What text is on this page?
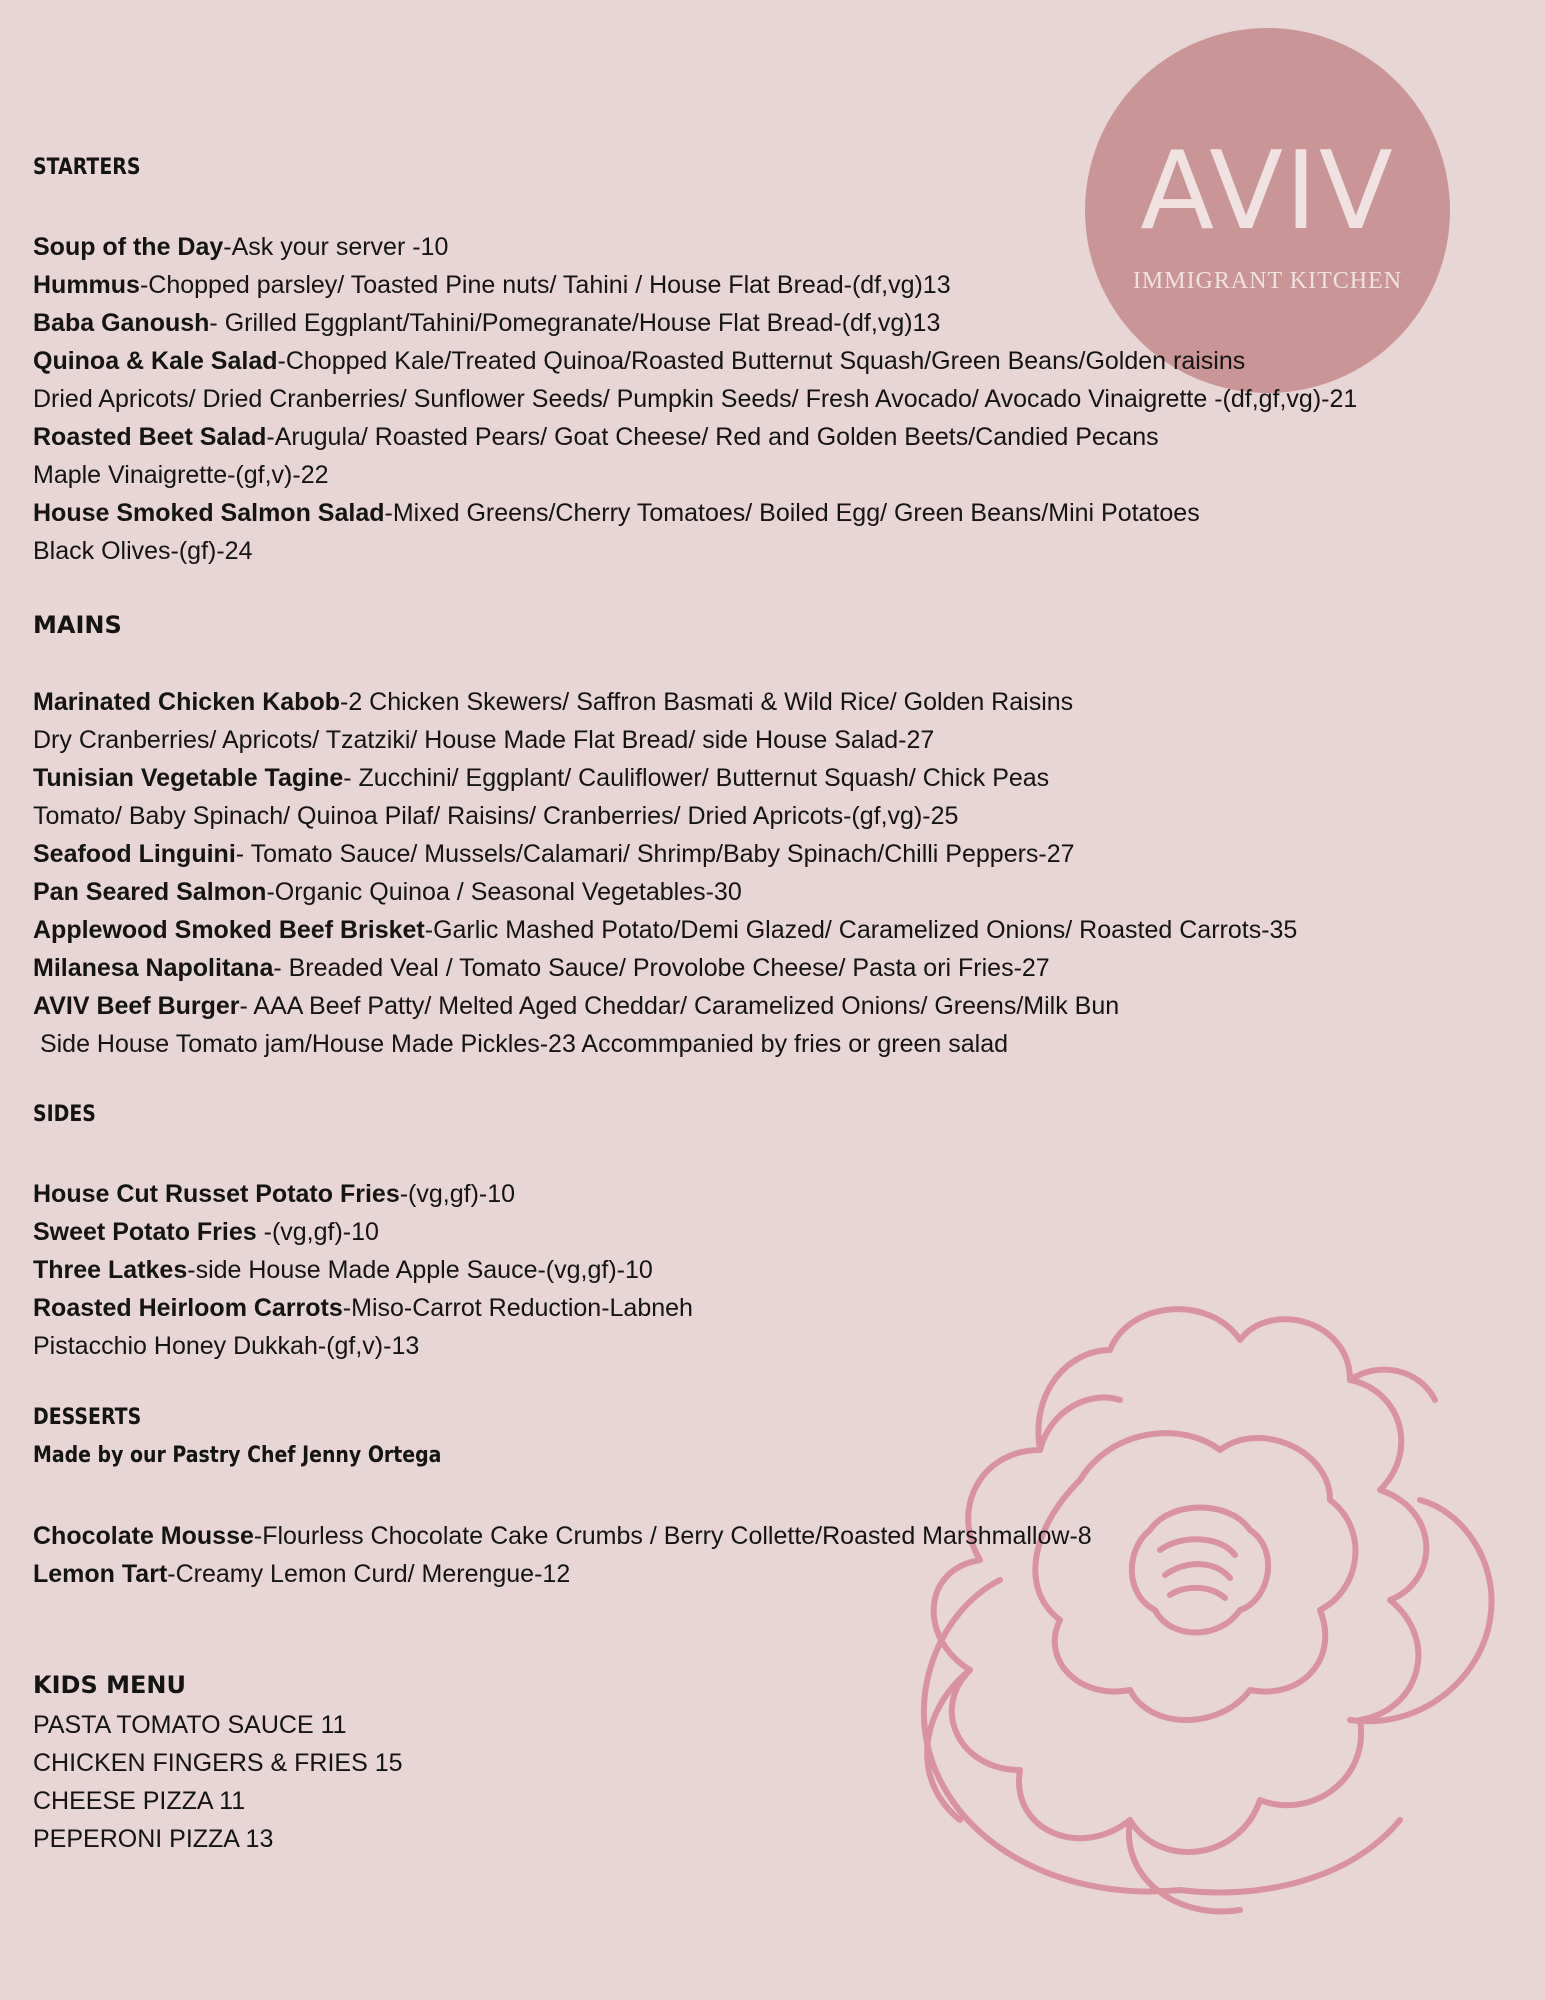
AVIV
IMMIGRANT KITCHEN
STARTERS
Soup of the Day-Ask your server -10
Hummus-Chopped parsley/ Toasted Pine nuts/ Tahini / House Flat Bread-(df,vg)13
Baba Ganoush- Grilled Eggplant/Tahini/Pomegranate/House Flat Bread-(df,vg)13
Quinoa & Kale Salad-Chopped Kale/Treated Quinoa/Roasted Butternut Squash/Green Beans/Golden raisins
Dried Apricots/ Dried Cranberries/ Sunflower Seeds/ Pumpkin Seeds/ Fresh Avocado/ Avocado Vinaigrette -(df,gf,vg)-21
Roasted Beet Salad-Arugula/ Roasted Pears/ Goat Cheese/ Red and Golden Beets/Candied Pecans
Maple Vinaigrette-(gf,v)-22
House Smoked Salmon Salad-Mixed Greens/Cherry Tomatoes/ Boiled Egg/ Green Beans/Mini Potatoes
Black Olives-(gf)-24
MAINS
Marinated Chicken Kabob-2 Chicken Skewers/ Saffron Basmati & Wild Rice/ Golden Raisins
Dry Cranberries/ Apricots/ Tzatziki/ House Made Flat Bread/ side House Salad-27
Tunisian Vegetable Tagine- Zucchini/ Eggplant/ Cauliflower/ Butternut Squash/ Chick Peas
Tomato/ Baby Spinach/ Quinoa Pilaf/ Raisins/ Cranberries/ Dried Apricots-(gf,vg)-25
Seafood Linguini- Tomato Sauce/ Mussels/Calamari/ Shrimp/Baby Spinach/Chilli Peppers-27
Pan Seared Salmon-Organic Quinoa / Seasonal Vegetables-30
Applewood Smoked Beef Brisket-Garlic Mashed Potato/Demi Glazed/ Caramelized Onions/ Roasted Carrots-35
Milanesa Napolitana- Breaded Veal / Tomato Sauce/ Provolobe Cheese/ Pasta ori Fries-27
AVIV Beef Burger- AAA Beef Patty/ Melted Aged Cheddar/ Caramelized Onions/ Greens/Milk Bun
Side House Tomato jam/House Made Pickles-23 Accommpanied by fries or green salad
SIDES
House Cut Russet Potato Fries-(vg,gf)-10
Sweet Potato Fries -(vg,gf)-10
Three Latkes-side House Made Apple Sauce-(vg,gf)-10
Roasted Heirloom Carrots-Miso-Carrot Reduction-Labneh
Pistacchio Honey Dukkah-(gf,v)-13
DESSERTS
Made by our Pastry Chef Jenny Ortega
Chocolate Mousse-Flourless Chocolate Cake Crumbs / Berry Collette/Roasted Marshmallow-8
Lemon Tart-Creamy Lemon Curd/ Merengue-12
KIDS MENU
PASTA TOMATO SAUCE 11
CHICKEN FINGERS & FRIES 15
CHEESE PIZZA 11
PEPERONI PIZZA 13
